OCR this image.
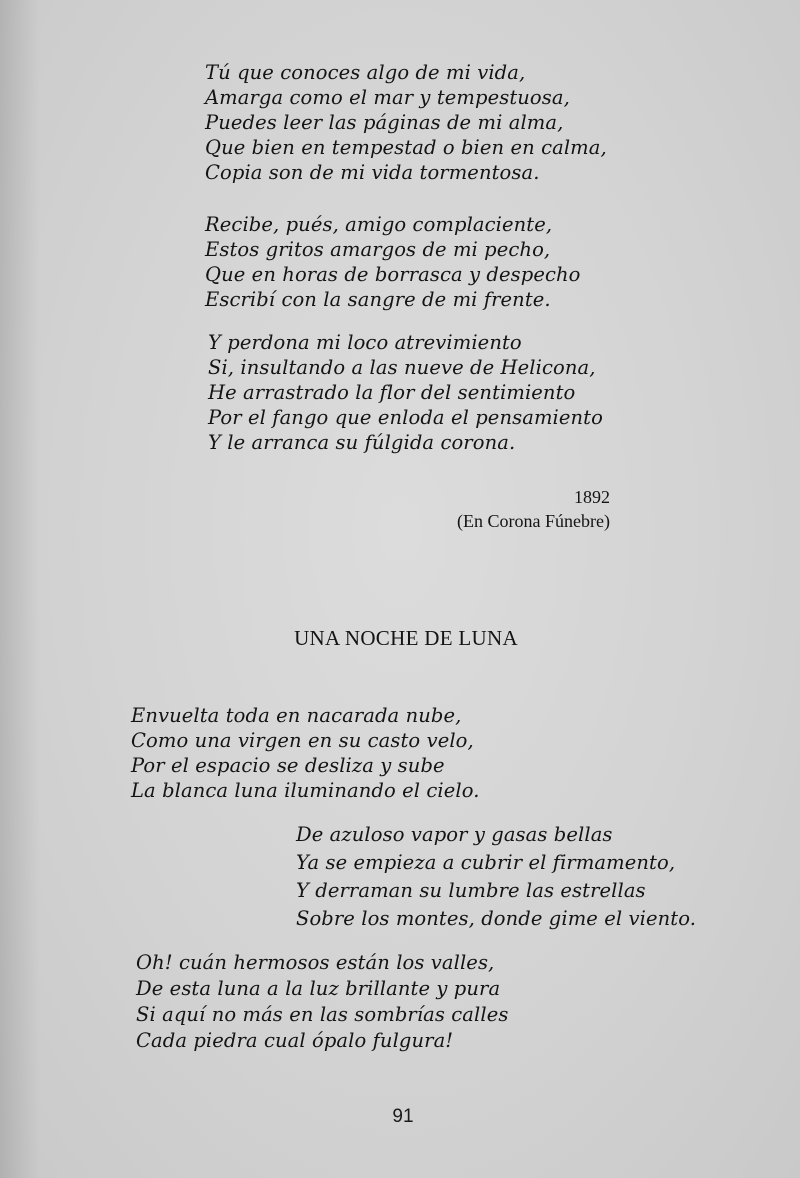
Tú que conoces algo de mi vida,
Amarga como el mar y tempestuosa,
Puedes leer las páginas de mi alma,
Que bien en tempestad o bien en calma,
Copia son de mi vida tormentosa.
Recibe, pués, amigo complaciente,
Estos gritos amargos de mi pecho,
Que en horas de borrasca y despecho
Escribí con la sangre de mi frente.
Y perdona mi loco atrevimiento
Si, insultando a las nueve de Helicona,
He arrastrado la flor del sentimiento
Por el fango que enloda el pensamiento
Y le arranca su fúlgida corona.
1892
(En Corona Fúnebre)
UNA NOCHE DE LUNA
Envuelta toda en nacarada nube,
Como una virgen en su casto velo,
Por el espacio se desliza y sube
La blanca luna iluminando el cielo.
De azuloso vapor y gasas bellas
Ya se empieza a cubrir el firmamento,
Y derraman su lumbre las estrellas
Sobre los montes, donde gime el viento.
Oh! cuán hermosos están los valles,
De esta luna a la luz brillante y pura
Si aquí no más en las sombrías calles
Cada piedra cual ópalo fulgura!
91
